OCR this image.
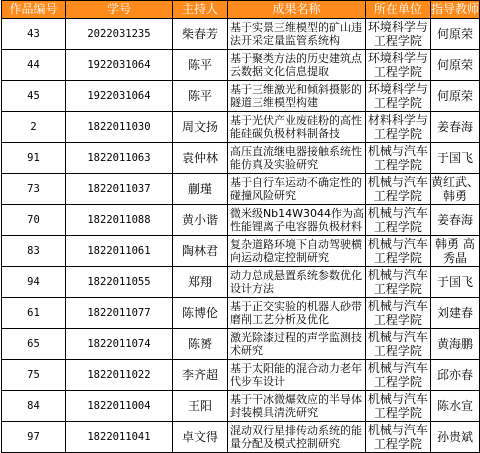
作品编号	学号	主持人	成果名称	所在单位	指导教师
43	2022031235	柴春芳	基于实景三维模型的矿山违法开采定量监管系统构	环境科学与工程学院	何原荣
44	1922031064	陈平	基于聚类方法的历史建筑点云数据文化信息提取	环境科学与工程学院	何原荣
45	1922031064	陈平	基于三维激光和倾斜摄影的隧道三维模型构建	环境科学与工程学院	何原荣
2	1822011030	周文扬	基于光伏产业废硅粉的高性能硅碳负极材料制备技	材料科学与工程学院	姜春海
91	1822011063	袁仲林	高压直流继电器接触系统性能仿真及实验研究	机械与汽车工程学院	于国飞
73	1822011037	蒯瑾	基于自行车运动不确定性的碰撞风险研究	机械与汽车工程学院	黄红武、韩勇
70	1822011088	黄小谐	微米级Nb14W3044作为高性能锂离子电容器负极材料	机械与汽车工程学院	姜春海
83	1822011061	陶林君	复杂道路环境下自动驾驶横向运动稳定控制研究	机械与汽车工程学院	韩勇 高秀晶
94	1822011055	郑翔	动力总成悬置系统参数优化设计方法	机械与汽车工程学院	于国飞
61	1822011077	陈博伦	基于正交实验的机器人砂带磨削工艺分析及优化	机械与汽车工程学院	刘建春
65	1822011074	陈赟	激光除漆过程的声学监测技术研究	机械与汽车工程学院	黄海鹏
75	1822011022	李齐超	基于太阳能的混合动力老年代步车设计	机械与汽车工程学院	邱亦春
84	1822011004	王阳	基于干冰微爆效应的半导体封装模具清洗研究	机械与汽车工程学院	陈水宣
97	1822011041	卓文得	混动双行星排传动系统的能量分配及模式控制研究	机械与汽车工程学院	孙贵斌
